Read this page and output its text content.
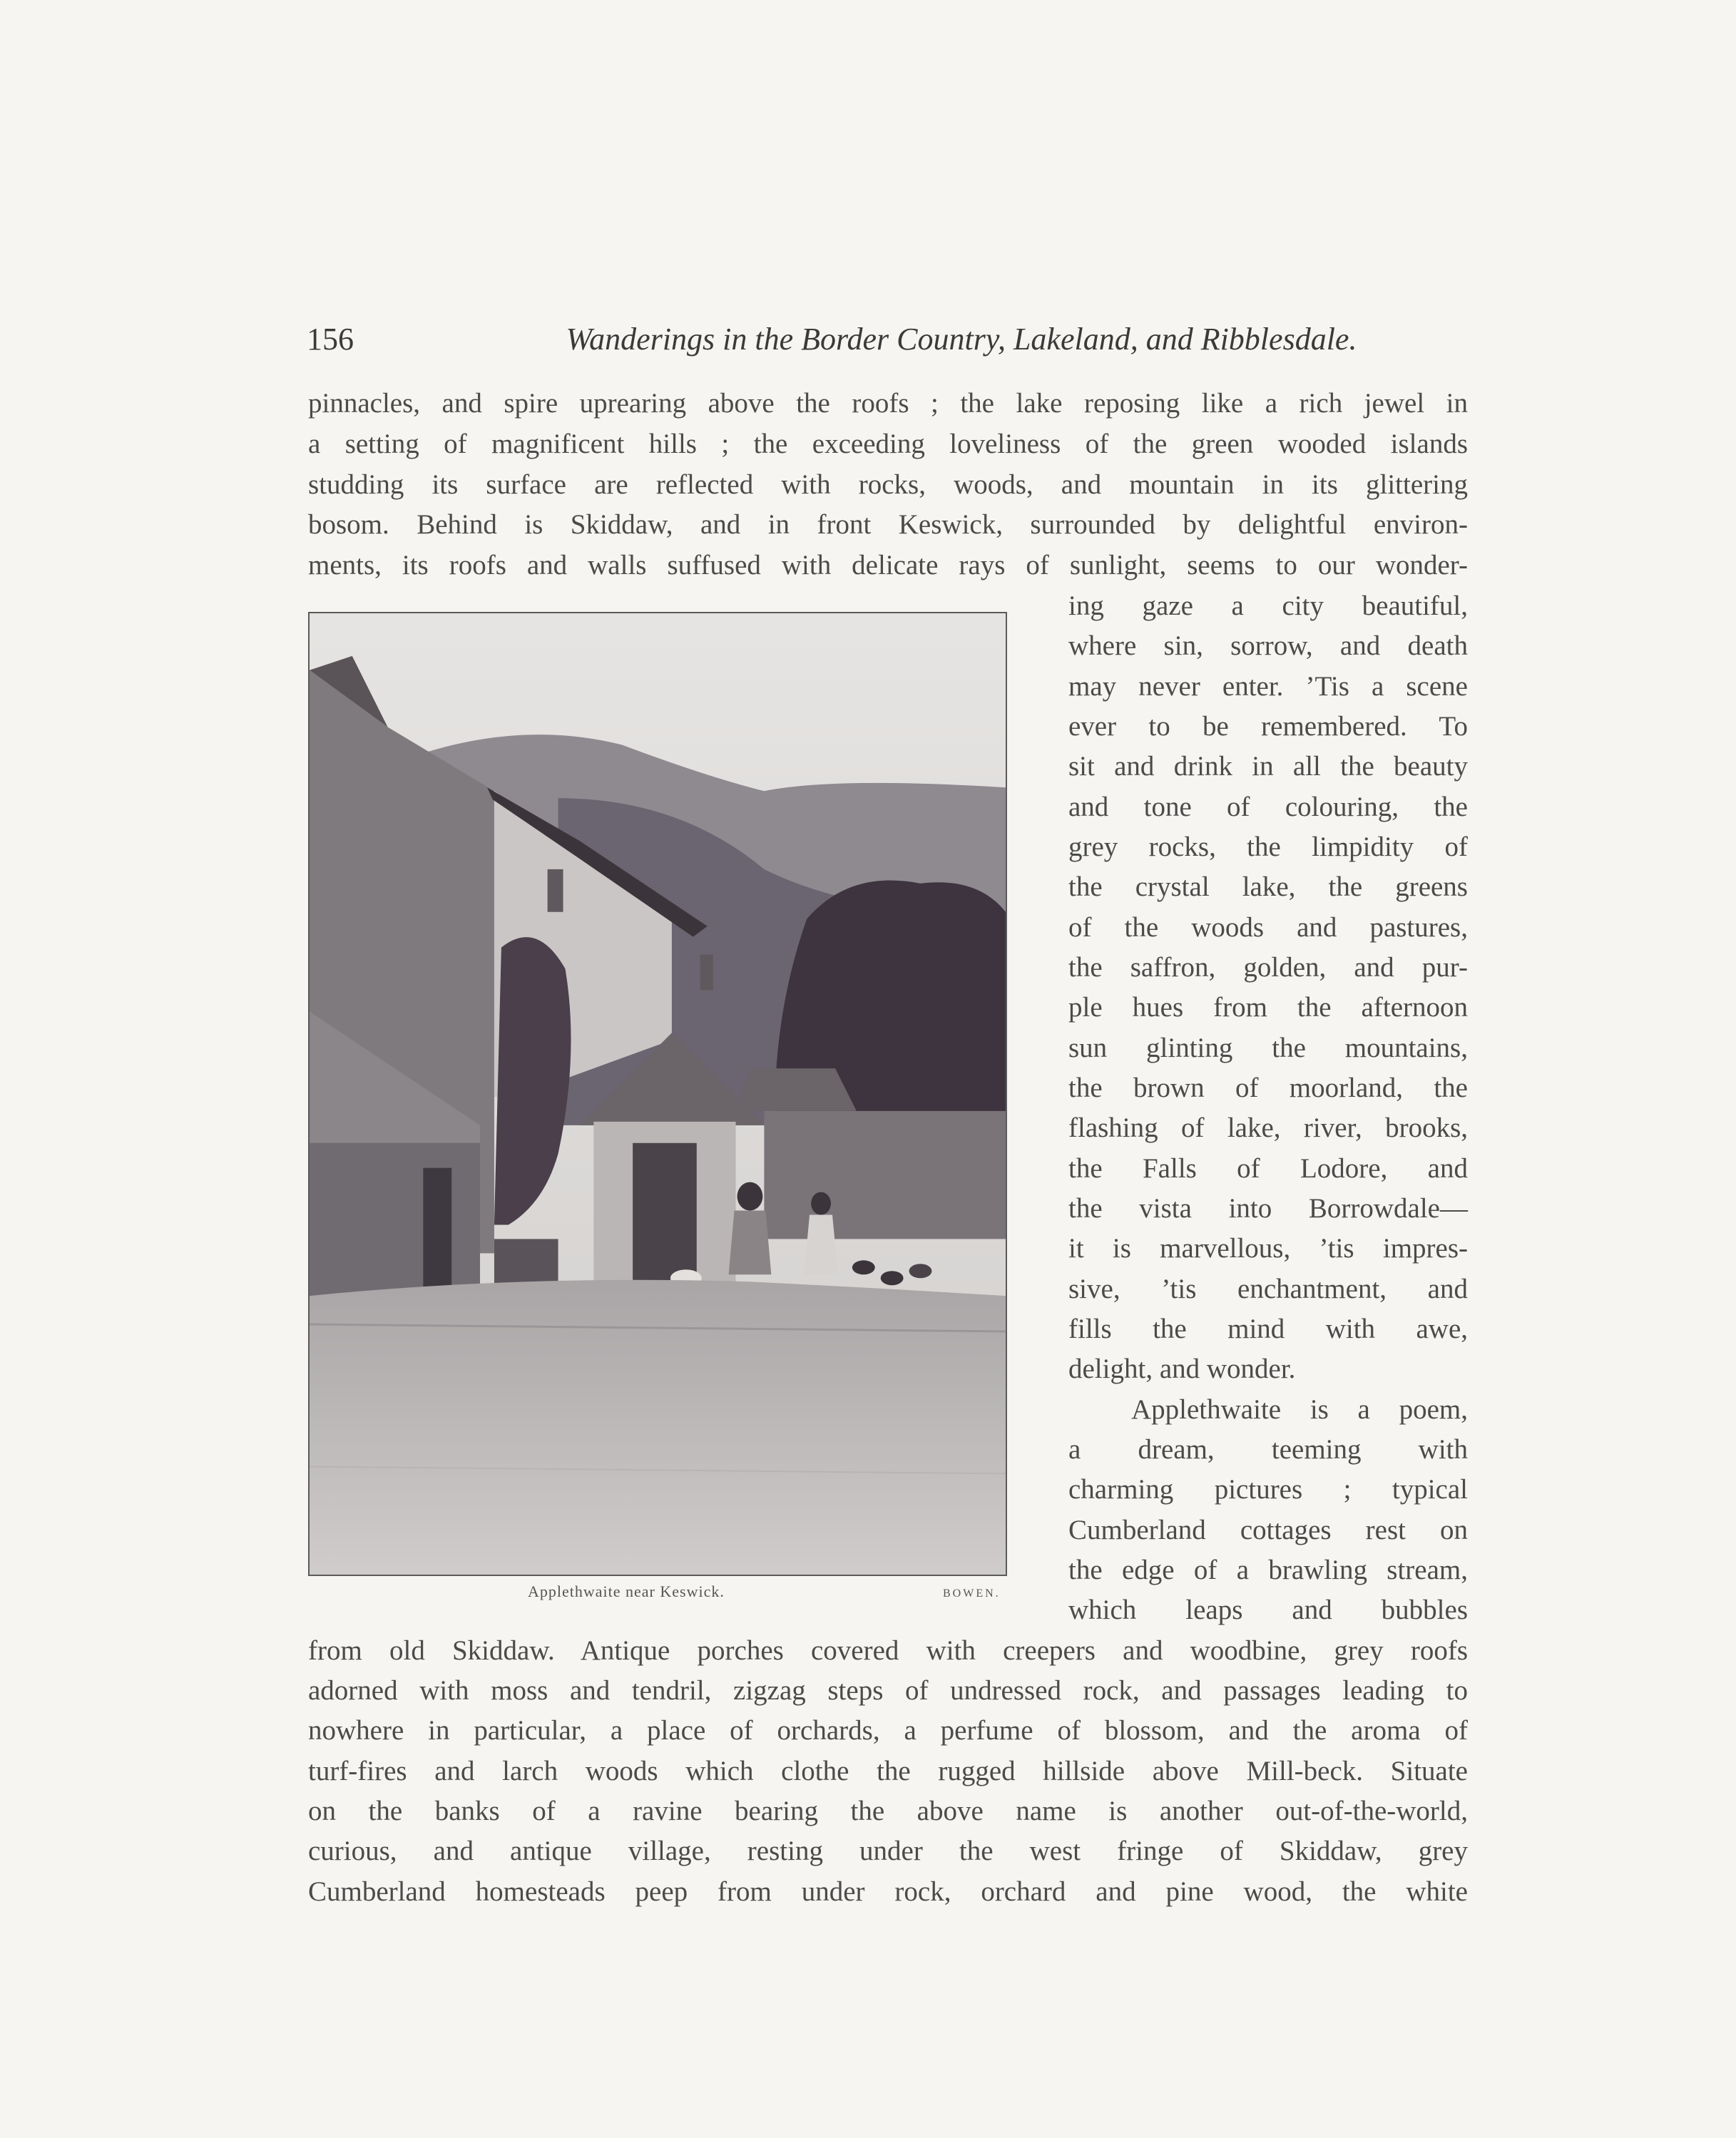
156	Wanderings in the Border Country, Lakeland, and Ribblesdale.
pinnacles, and spire uprearing above the roofs ; the lake reposing like a rich jewel in
a setting of magnificent hills ; the exceeding loveliness of the green wooded islands
studding its surface are reflected with rocks, woods, and mountain in its glittering
bosom. Behind is Skiddaw, and in front Keswick, surrounded by delightful environ-
ments, its roofs and walls suffused with delicate rays of sunlight, seems to our wonder-
Applethwaite near Keswick.	BOWEN.
ing gaze a city beautiful,
where sin, sorrow, and death
may never enter. ’Tis a scene
ever to be remembered. To
sit and drink in all the beauty
and tone of colouring, the
grey rocks, the limpidity of
the crystal lake, the greens
of the woods and pastures,
the saffron, golden, and pur-
ple hues from the afternoon
sun glinting the mountains,
the brown of moorland, the
flashing of lake, river, brooks,
the Falls of Lodore, and
the vista into Borrowdale—
it is marvellous, ’tis impres-
sive, ’tis enchantment, and
fills the mind with awe,
delight, and wonder.
Applethwaite is a poem,
a dream, teeming with
charming pictures ; typical
Cumberland cottages rest on
the edge of a brawling stream,
which leaps and bubbles
from old Skiddaw. Antique porches covered with creepers and woodbine, grey roofs
adorned with moss and tendril, zigzag steps of undressed rock, and passages leading to
nowhere in particular, a place of orchards, a perfume of blossom, and the aroma of
turf-fires and larch woods which clothe the rugged hillside above Mill-beck. Situate
on the banks of a ravine bearing the above name is another out-of-the-world,
curious, and antique village, resting under the west fringe of Skiddaw, grey
Cumberland homesteads peep from under rock, orchard and pine wood, the white
